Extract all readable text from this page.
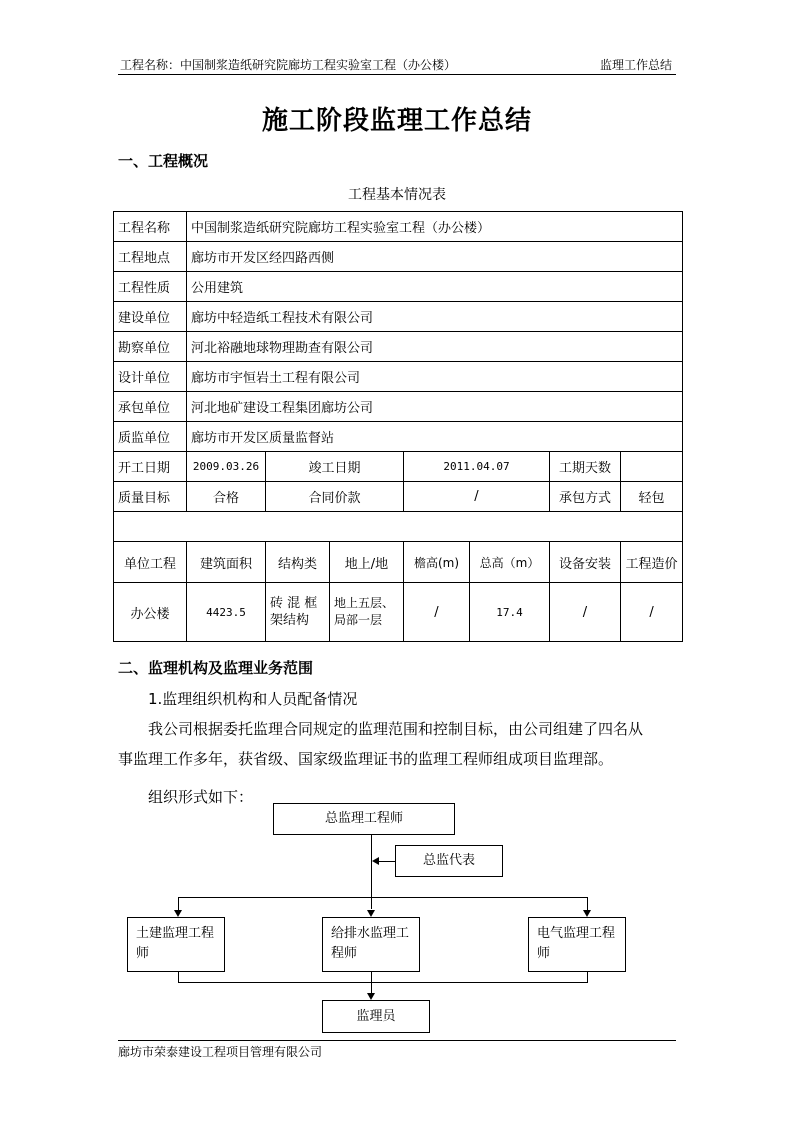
工程名称：中国制浆造纸研究院廊坊工程实验室工程（办公楼）	监理工作总结
施工阶段监理工作总结
一、工程概况
工程基本情况表
工程名称	中国制浆造纸研究院廊坊工程实验室工程（办公楼）						
工程地点	廊坊市开发区经四路西侧						
工程性质	公用建筑						
建设单位	廊坊中轻造纸工程技术有限公司						
勘察单位	河北裕融地球物理勘查有限公司						
设计单位	廊坊市宇恒岩土工程有限公司						
承包单位	河北地矿建设工程集团廊坊公司						
质监单位	廊坊市开发区质量监督站						
开工日期	2009.03.26	竣工日期		2011.04.07		工期天数	
质量目标	合格	合同价款		/		承包方式	轻包

单位工程	建筑面积	结构类	地上/地	檐高(m)	总高（m）	设备安装	工程造价
办公楼	4423.5	砖 混 框 架结构	地上五层、局部一层	/	17.4	/	/
二、监理机构及监理业务范围
1.监理组织机构和人员配备情况
我公司根据委托监理合同规定的监理范围和控制目标，由公司组建了四名从
事监理工作多年，获省级、国家级监理证书的监理工程师组成项目监理部。
组织形式如下：
总监理工程师
总监代表
土建监理工程师
给排水监理工程师
电气监理工程师
监理员
廊坊市荣泰建设工程项目管理有限公司
